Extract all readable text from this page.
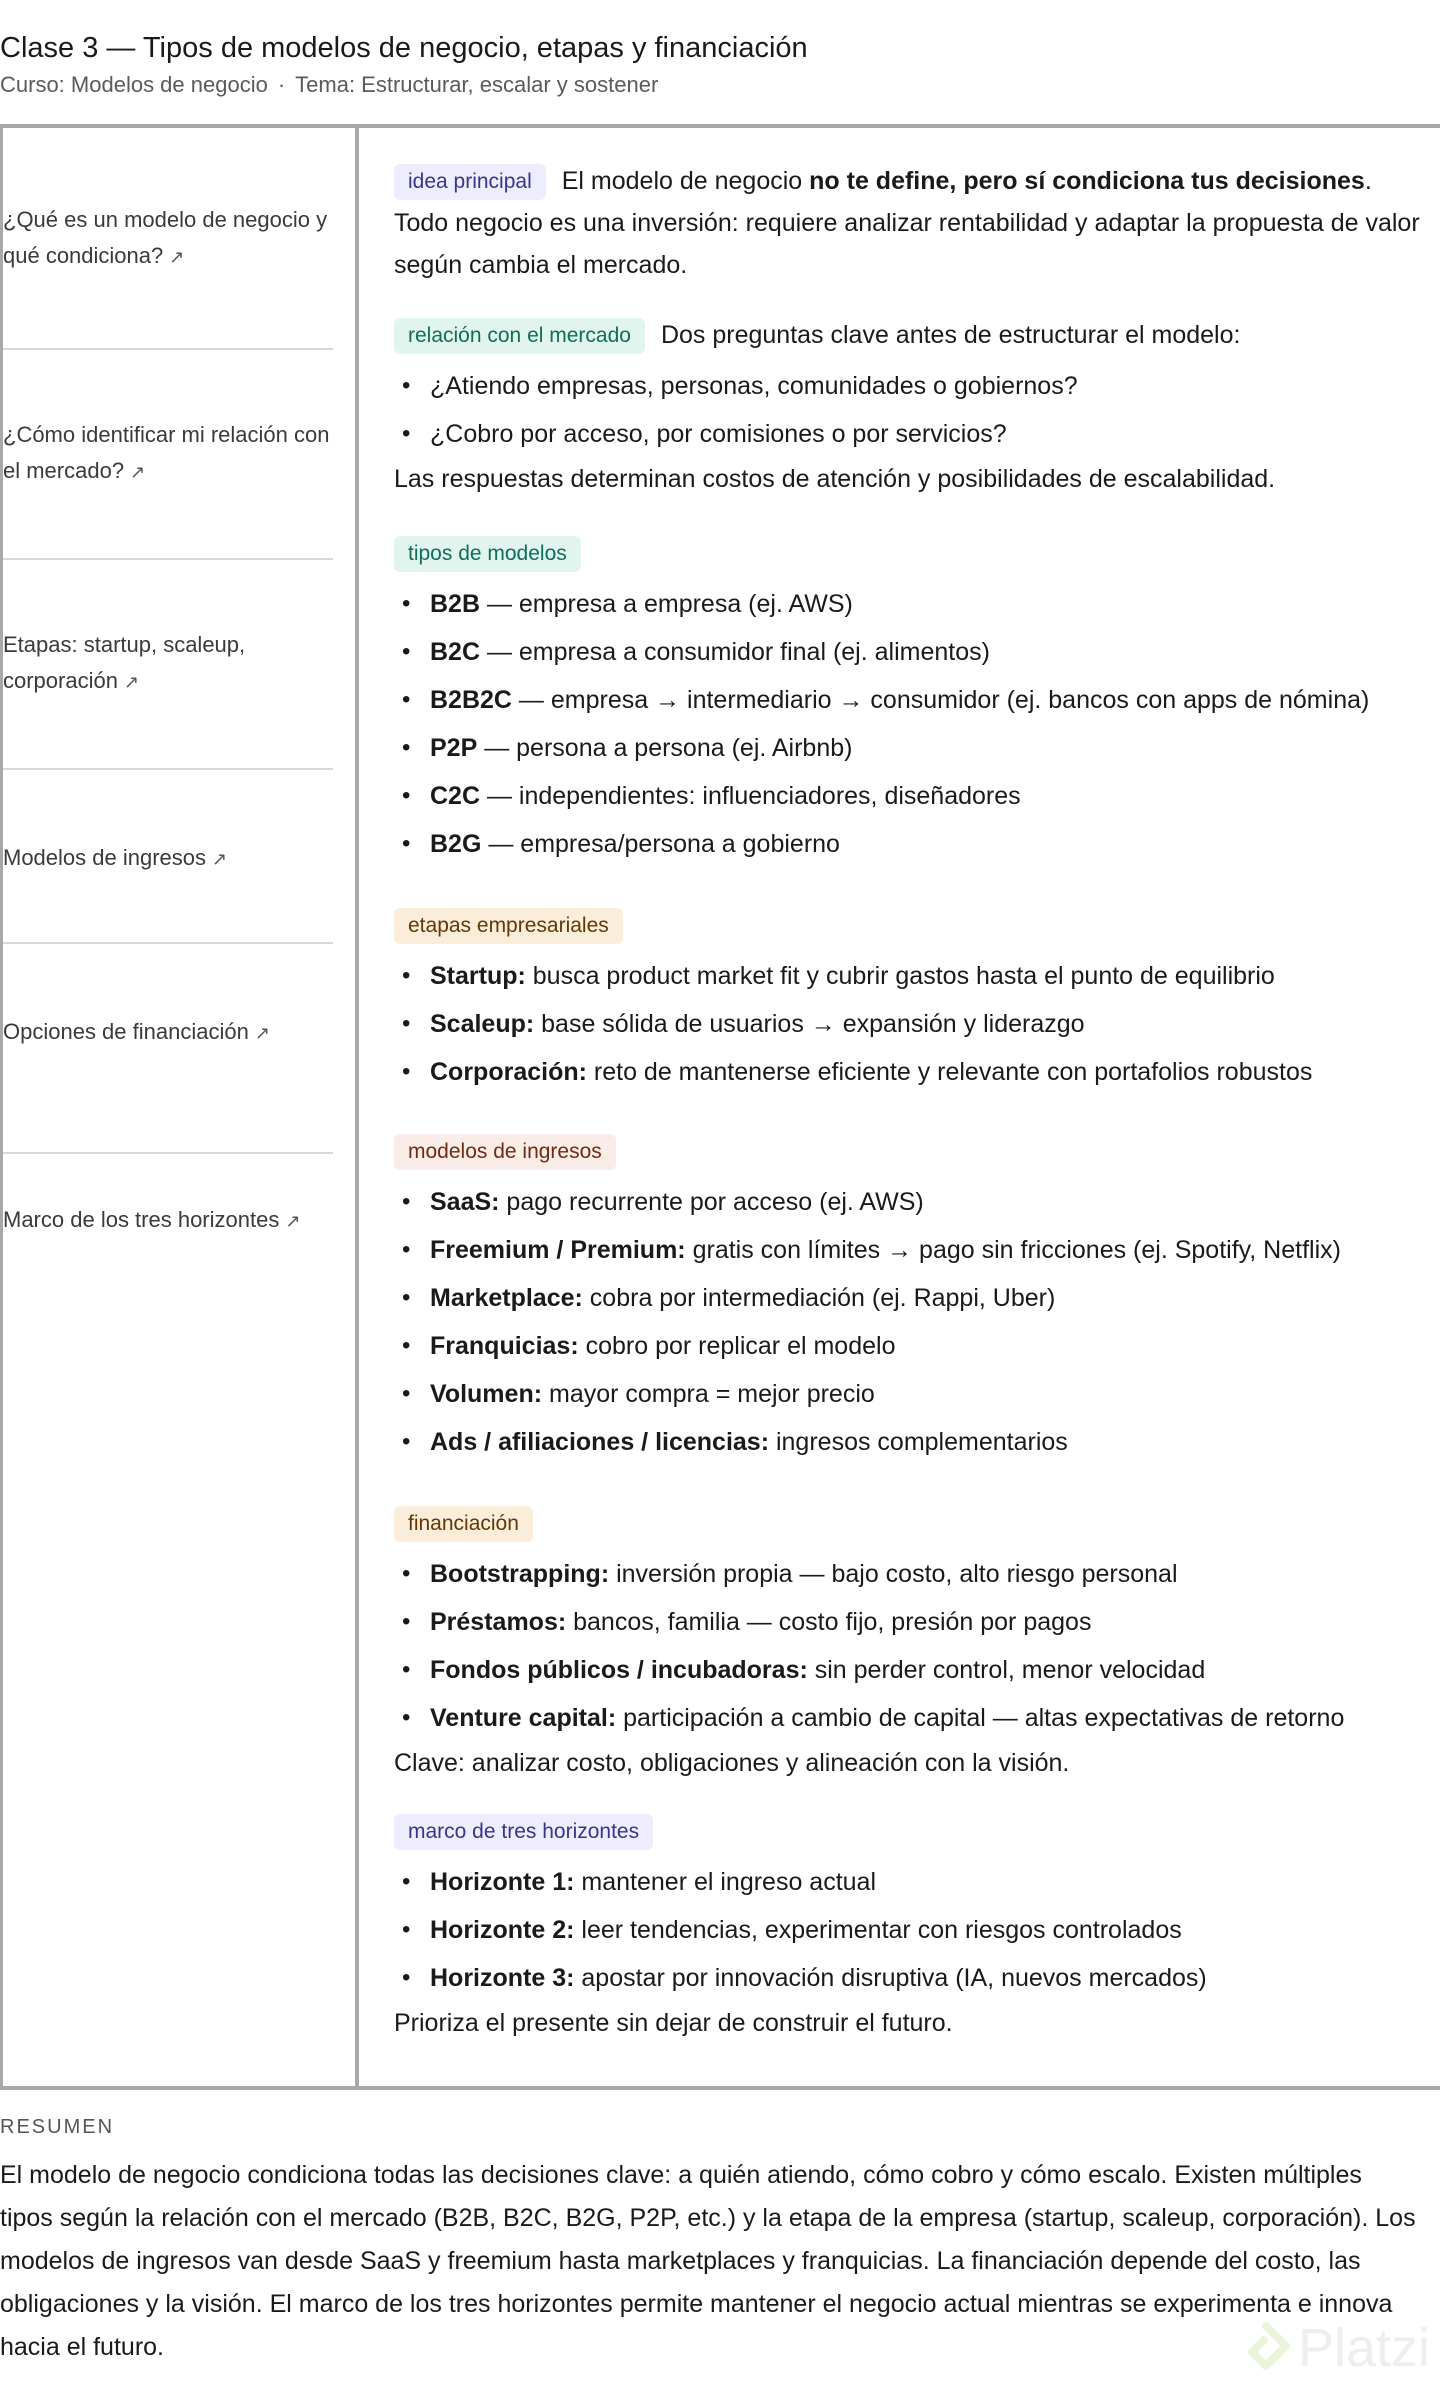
Clase 3 — Tipos de modelos de negocio, etapas y financiación
Curso: Modelos de negocio · Tema: Estructurar, escalar y sostener
¿Qué es un modelo de negocio y qué condiciona? ↗
¿Cómo identificar mi relación con el mercado? ↗
Etapas: startup, scaleup, corporación ↗
Modelos de ingresos ↗
Opciones de financiación ↗
Marco de los tres horizontes ↗
idea principal El modelo de negocio no te define, pero sí condiciona tus decisiones.
Todo negocio es una inversión: requiere analizar rentabilidad y adaptar la propuesta de valor según cambia el mercado.
relación con el mercado Dos preguntas clave antes de estructurar el modelo:
• ¿Atiendo empresas, personas, comunidades o gobiernos?
• ¿Cobro por acceso, por comisiones o por servicios?
Las respuestas determinan costos de atención y posibilidades de escalabilidad.
tipos de modelos
• B2B — empresa a empresa (ej. AWS)
• B2C — empresa a consumidor final (ej. alimentos)
• B2B2C — empresa → intermediario → consumidor (ej. bancos con apps de nómina)
• P2P — persona a persona (ej. Airbnb)
• C2C — independientes: influenciadores, diseñadores
• B2G — empresa/persona a gobierno
etapas empresariales
• Startup: busca product market fit y cubrir gastos hasta el punto de equilibrio
• Scaleup: base sólida de usuarios → expansión y liderazgo
• Corporación: reto de mantenerse eficiente y relevante con portafolios robustos
modelos de ingresos
• SaaS: pago recurrente por acceso (ej. AWS)
• Freemium / Premium: gratis con límites → pago sin fricciones (ej. Spotify, Netflix)
• Marketplace: cobra por intermediación (ej. Rappi, Uber)
• Franquicias: cobro por replicar el modelo
• Volumen: mayor compra = mejor precio
• Ads / afiliaciones / licencias: ingresos complementarios
financiación
• Bootstrapping: inversión propia — bajo costo, alto riesgo personal
• Préstamos: bancos, familia — costo fijo, presión por pagos
• Fondos públicos / incubadoras: sin perder control, menor velocidad
• Venture capital: participación a cambio de capital — altas expectativas de retorno
Clave: analizar costo, obligaciones y alineación con la visión.
marco de tres horizontes
• Horizonte 1: mantener el ingreso actual
• Horizonte 2: leer tendencias, experimentar con riesgos controlados
• Horizonte 3: apostar por innovación disruptiva (IA, nuevos mercados)
Prioriza el presente sin dejar de construir el futuro.
RESUMEN
El modelo de negocio condiciona todas las decisiones clave: a quién atiendo, cómo cobro y cómo escalo. Existen múltiples tipos según la relación con el mercado (B2B, B2C, B2G, P2P, etc.) y la etapa de la empresa (startup, scaleup, corporación). Los modelos de ingresos van desde SaaS y freemium hasta marketplaces y franquicias. La financiación depende del costo, las obligaciones y la visión. El marco de los tres horizontes permite mantener el negocio actual mientras se experimenta e innova hacia el futuro.	Platzi
